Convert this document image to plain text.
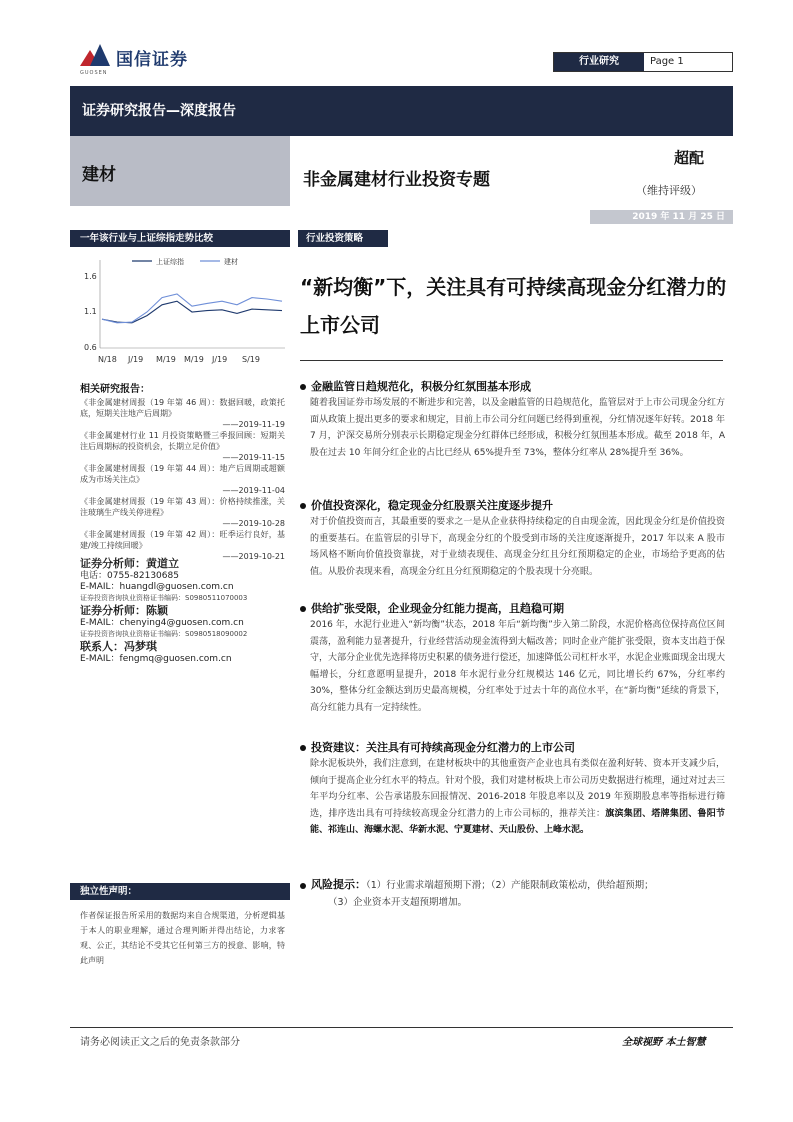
国信证券
GUOSEN
行业研究	Page 1
证券研究报告—深度报告
建材	非金属建材行业投资专题
超配
（维持评级）
2019 年 11 月 25 日
一年该行业与上证综指走势比较
上证综指	建材
1.6
1.1
0.6
N/18 J/19 M/19 M/19 J/19 S/19
相关研究报告：

《非金属建材周报（19 年第 46 周）：数据回暖，政策托底，短期关注地产后周期》

——2019-11-19

《非金属建材行业 11 月投资策略暨三季报回顾：短期关注后周期标的投资机会，长期立足价值》

——2019-11-15

《非金属建材周报（19 年第 44 周）：地产后周期或超额成为市场关注点》

——2019-11-04

《非金属建材周报（19 年第 43 周）：价格持续推涨，关注玻璃生产线关停进程》

——2019-10-28

《非金属建材周报（19 年第 42 周）：旺季运行良好，基建/竣工持续回暖》

——2019-10-21

证券分析师：黄道立
电话：0755-82130685
E-MAIL：huangdl@guosen.com.cn
证券投资咨询执业资格证书编码：S0980511070003
证券分析师：陈颖
E-MAIL：chenying4@guosen.com.cn
证券投资咨询执业资格证书编码：S0980518090002
联系人：冯梦琪
E-MAIL：fengmq@guosen.com.cn
独立性声明：
作者保证报告所采用的数据均来自合规渠道，分析逻辑基于本人的职业理解，通过合理判断并得出结论，力求客观、公正，其结论不受其它任何第三方的授意、影响，特此声明
行业投资策略
“新均衡”下，关注具有可持续高现金分红潜力的上市公司
金融监管日趋规范化，积极分红氛围基本形成
随着我国证券市场发展的不断进步和完善，以及金融监管的日趋规范化，监管层对于上市公司现金分红方面从政策上提出更多的要求和规定，目前上市公司分红问题已经得到重视，分红情况逐年好转。2018 年 7 月，沪深交易所分别表示长期稳定现金分红群体已经形成，积极分红氛围基本形成。截至 2018 年，A 股在过去 10 年间分红企业的占比已经从 65%提升至 73%，整体分红率从 28%提升至 36%。
价值投资深化，稳定现金分红股票关注度逐步提升
对于价值投资而言，其最重要的要求之一是从企业获得持续稳定的自由现金流，因此现金分红是价值投资的重要基石。在监管层的引导下，高现金分红的个股受到市场的关注度逐渐提升，2017 年以来 A 股市场风格不断向价值投资靠拢，对于业绩表现佳、高现金分红且分红预期稳定的企业，市场给予更高的估值。从股价表现来看，高现金分红且分红预期稳定的个股表现十分亮眼。
供给扩张受限，企业现金分红能力提高，且趋稳可期
2016 年，水泥行业进入“新均衡”状态，2018 年后“新均衡”步入第二阶段，水泥价格高位保持高位区间震荡，盈利能力显著提升，行业经营活动现金流得到大幅改善；同时企业产能扩张受限，资本支出趋于保守，大部分企业优先选择将历史积累的债务进行偿还，加速降低公司杠杆水平，水泥企业账面现金出现大幅增长，分红意愿明显提升，2018 年水泥行业分红规模达 146 亿元，同比增长约 67%，分红率约 30%，整体分红金额达到历史最高规模，分红率处于过去十年的高位水平，在“新均衡”延续的背景下，高分红能力具有一定持续性。
投资建议：关注具有可持续高现金分红潜力的上市公司
除水泥板块外，我们注意到，在建材板块中的其他重资产企业也具有类似在盈利好转、资本开支减少后，倾向于提高企业分红水平的特点。针对个股，我们对建材板块上市公司历史数据进行梳理，通过对过去三年平均分红率、公告承诺股东回报情况、2016-2018 年股息率以及 2019 年预期股息率等指标进行筛选，排序选出具有可持续较高现金分红潜力的上市公司标的，推荐关注：旗滨集团、塔牌集团、鲁阳节能、祁连山、海螺水泥、华新水泥、宁夏建材、天山股份、上峰水泥。
风险提示：（1）行业需求端超预期下滑；（2）产能限制政策松动，供给超预期；
（3）企业资本开支超预期增加。
请务必阅读正文之后的免责条款部分	全球视野 本土智慧
